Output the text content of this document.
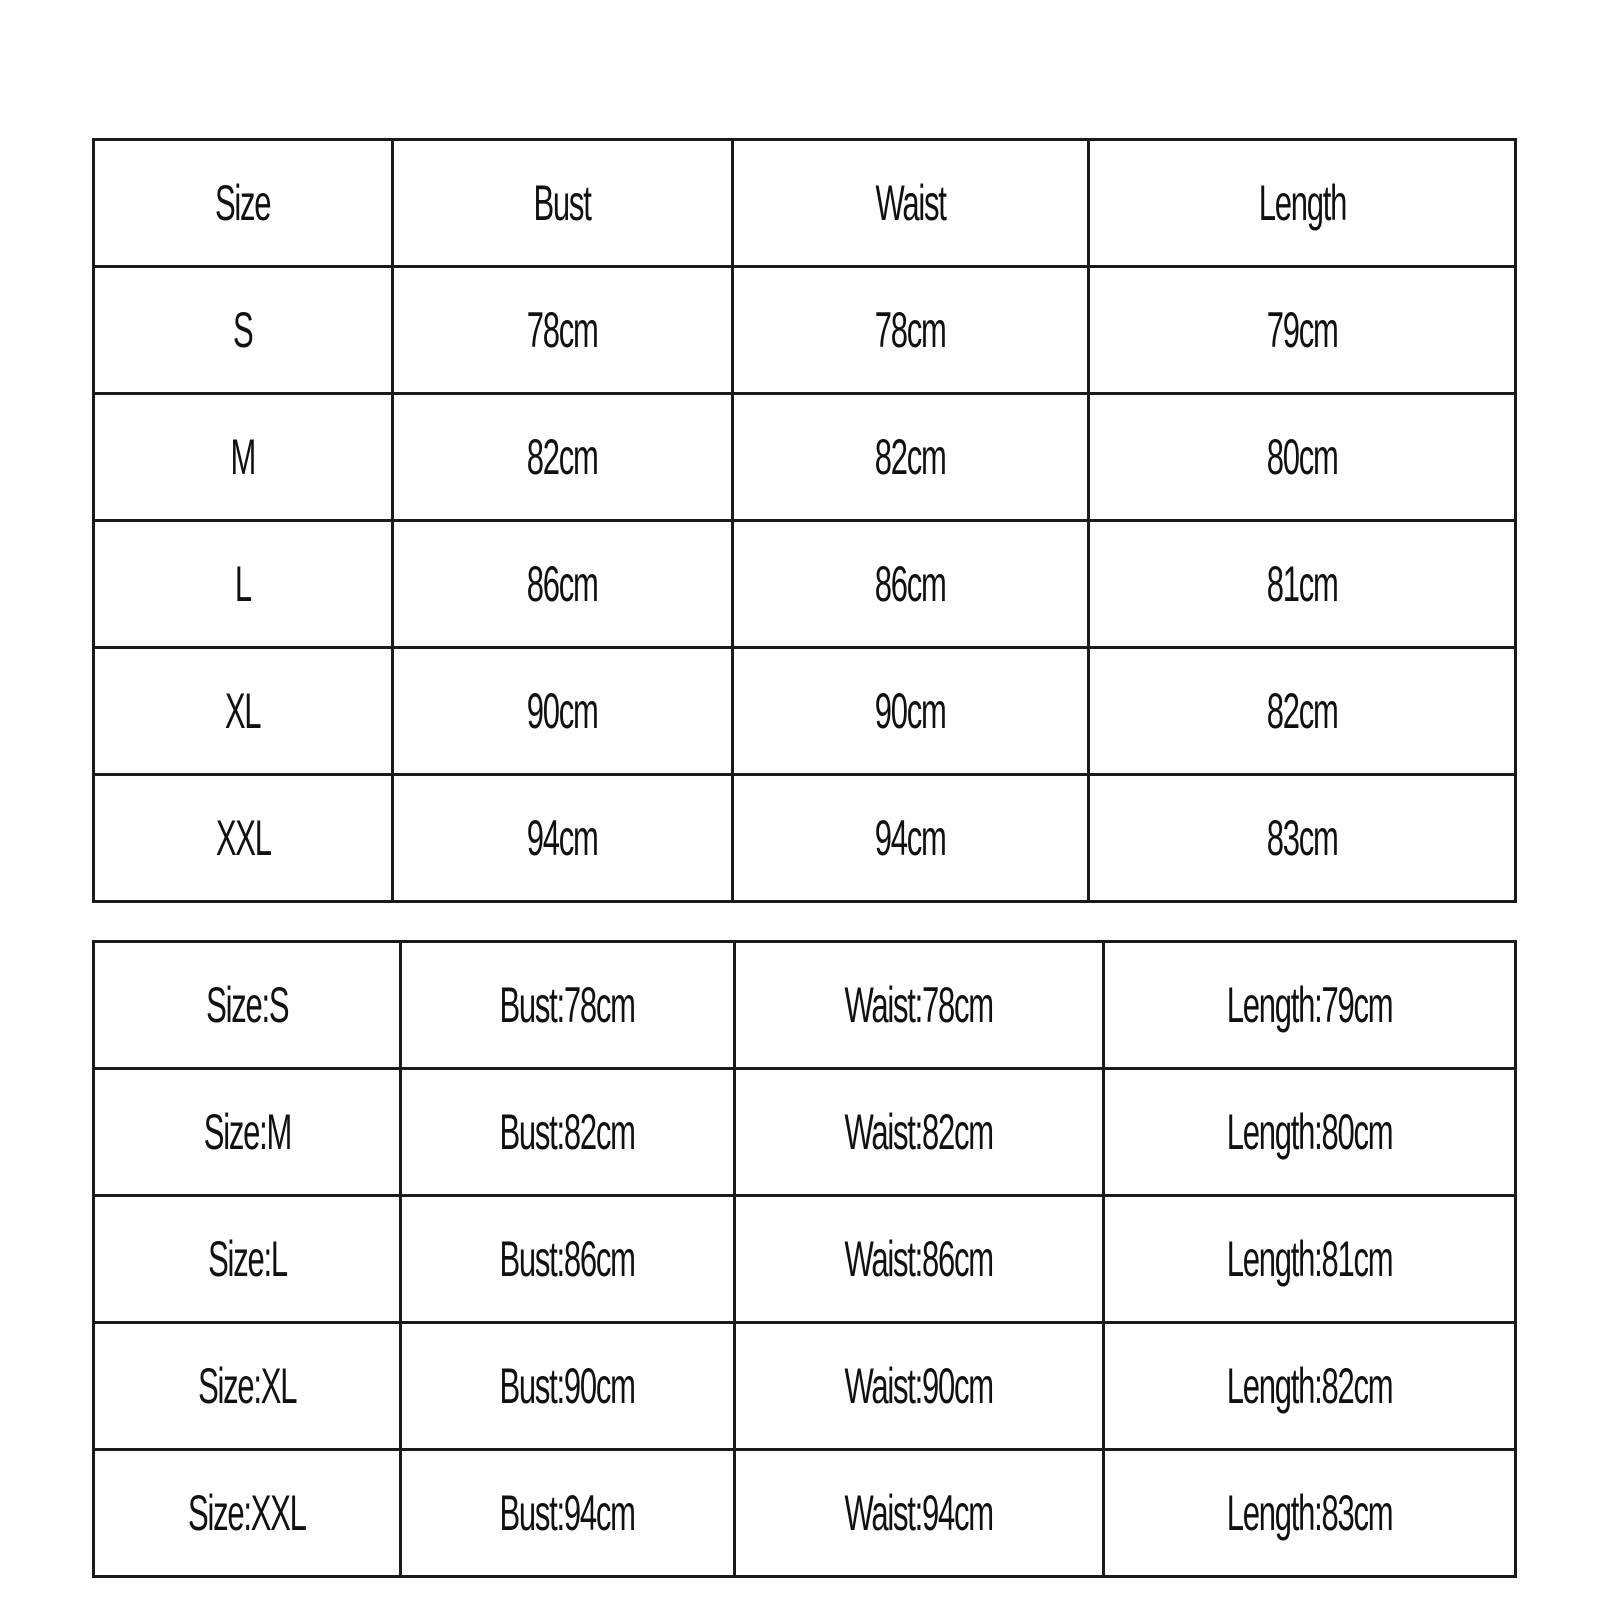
Size	Bust	Waist	Length
S	78cm	78cm	79cm
M	82cm	82cm	80cm
L	86cm	86cm	81cm
XL	90cm	90cm	82cm
XXL	94cm	94cm	83cm
Size:S	Bust:78cm	Waist:78cm	Length:79cm
Size:M	Bust:82cm	Waist:82cm	Length:80cm
Size:L	Bust:86cm	Waist:86cm	Length:81cm
Size:XL	Bust:90cm	Waist:90cm	Length:82cm
Size:XXL	Bust:94cm	Waist:94cm	Length:83cm
